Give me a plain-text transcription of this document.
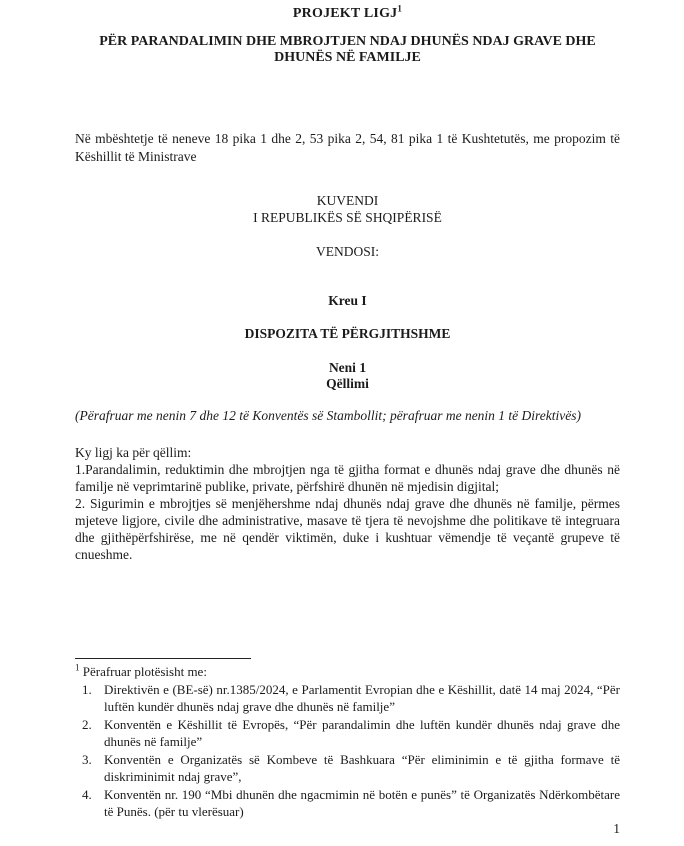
PROJEKT LIGJ$^1$
PËR PARANDALIMIN DHE MBROJTJEN NDAJ DHUNËS NDAJ GRAVE DHE
DHUNËS NË FAMILJE

Në mbështetje të neneve 18 pika 1 dhe 2, 53 pika 2, 54, 81 pika 1 të Kushtetutës, me propozim të Këshillit të Ministrave

KUVENDI
I REPUBLIKËS SË SHQIPËRISË
VENDOSI:
Kreu I
DISPOZITA TË PËRGJITHSHME
Neni 1
Qëllimi
(Përafruar me nenin 7 dhe 12 të Konventës së Stambollit; përafruar me nenin 1 të Direktivës)

Ky ligj ka për qëllim:

1.Parandalimin, reduktimin dhe mbrojtjen nga të gjitha format e dhunës ndaj grave dhe dhunës në familje në veprimtarinë publike, private, përfshirë dhunën në mjedisin digjital;

2. Sigurimin e mbrojtjes së menjëhershme ndaj dhunës ndaj grave dhe dhunës në familje, përmes mjeteve ligjore, civile dhe administrative, masave të tjera të nevojshme dhe politikave të integruara dhe gjithëpërfshirëse, me në qendër viktimën, duke i kushtuar vëmendje të veçantë grupeve të cnueshme.

$^1$ Përafruar plotësisht me:

1. Direktivën e (BE-së) nr.1385/2024, e Parlamentit Evropian dhe e Këshillit, datë 14 maj 2024, “Për luftën kundër dhunës ndaj grave dhe dhunës në familje”
2. Konventën e Këshillit të Evropës, “Për parandalimin dhe luftën kundër dhunës ndaj grave dhe dhunës në familje”
3. Konventën e Organizatës së Kombeve të Bashkuara “Për eliminimin e të gjitha formave të diskriminimit ndaj grave”,
4. Konventën nr. 190 “Mbi dhunën dhe ngacmimin në botën e punës” të Organizatës Ndërkombëtare të Punës. (për tu vlerësuar)
1
